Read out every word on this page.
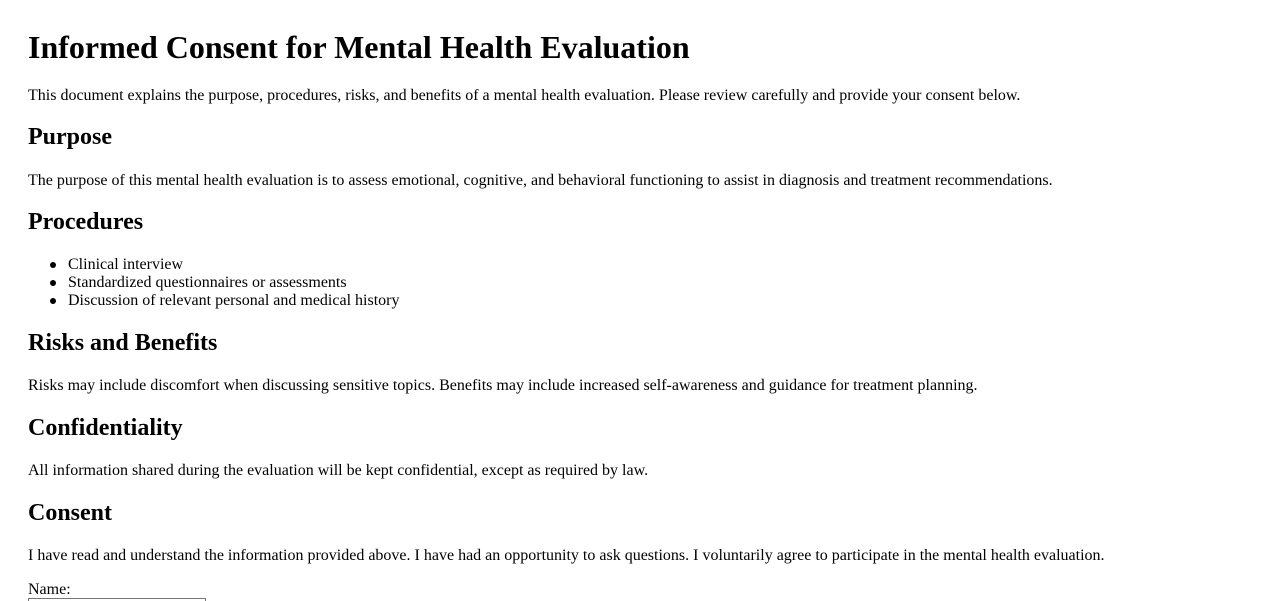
Informed Consent for Mental Health Evaluation

This document explains the purpose, procedures, risks, and benefits of a mental health evaluation. Please review carefully and provide your consent below.

Purpose

The purpose of this mental health evaluation is to assess emotional, cognitive, and behavioral functioning to assist in diagnosis and treatment recommendations.

Procedures
Clinical interview
Standardized questionnaires or assessments
Discussion of relevant personal and medical history
Risks and Benefits

Risks may include discomfort when discussing sensitive topics. Benefits may include increased self-awareness and guidance for treatment planning.

Confidentiality

All information shared during the evaluation will be kept confidential, except as required by law.

Consent

I have read and understand the information provided above. I have had an opportunity to ask questions. I voluntarily agree to participate in the mental health evaluation.

Name:
